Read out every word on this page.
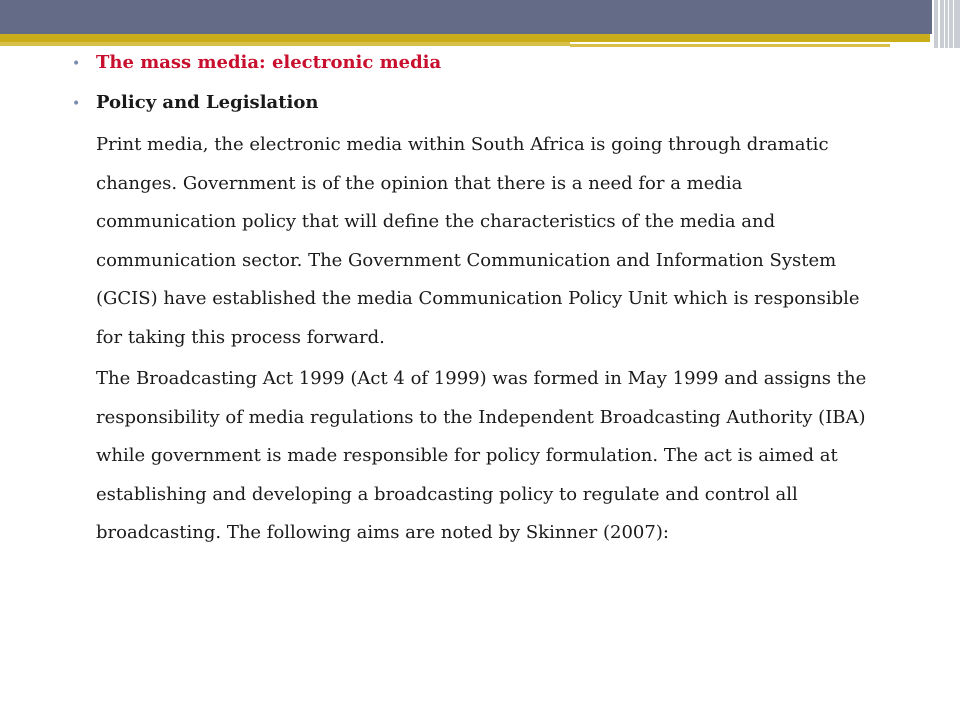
• The mass media: electronic media
• Policy and Legislation
Print media, the electronic media within South Africa is going through dramatic
changes. Government is of the opinion that there is a need for a media
communication policy that will define the characteristics of the media and
communication sector. The Government Communication and Information System
(GCIS) have established the media Communication Policy Unit which is responsible
for taking this process forward.
The Broadcasting Act 1999 (Act 4 of 1999) was formed in May 1999 and assigns the
responsibility of media regulations to the Independent Broadcasting Authority (IBA)
while government is made responsible for policy formulation. The act is aimed at
establishing and developing a broadcasting policy to regulate and control all
broadcasting. The following aims are noted by Skinner (2007):
